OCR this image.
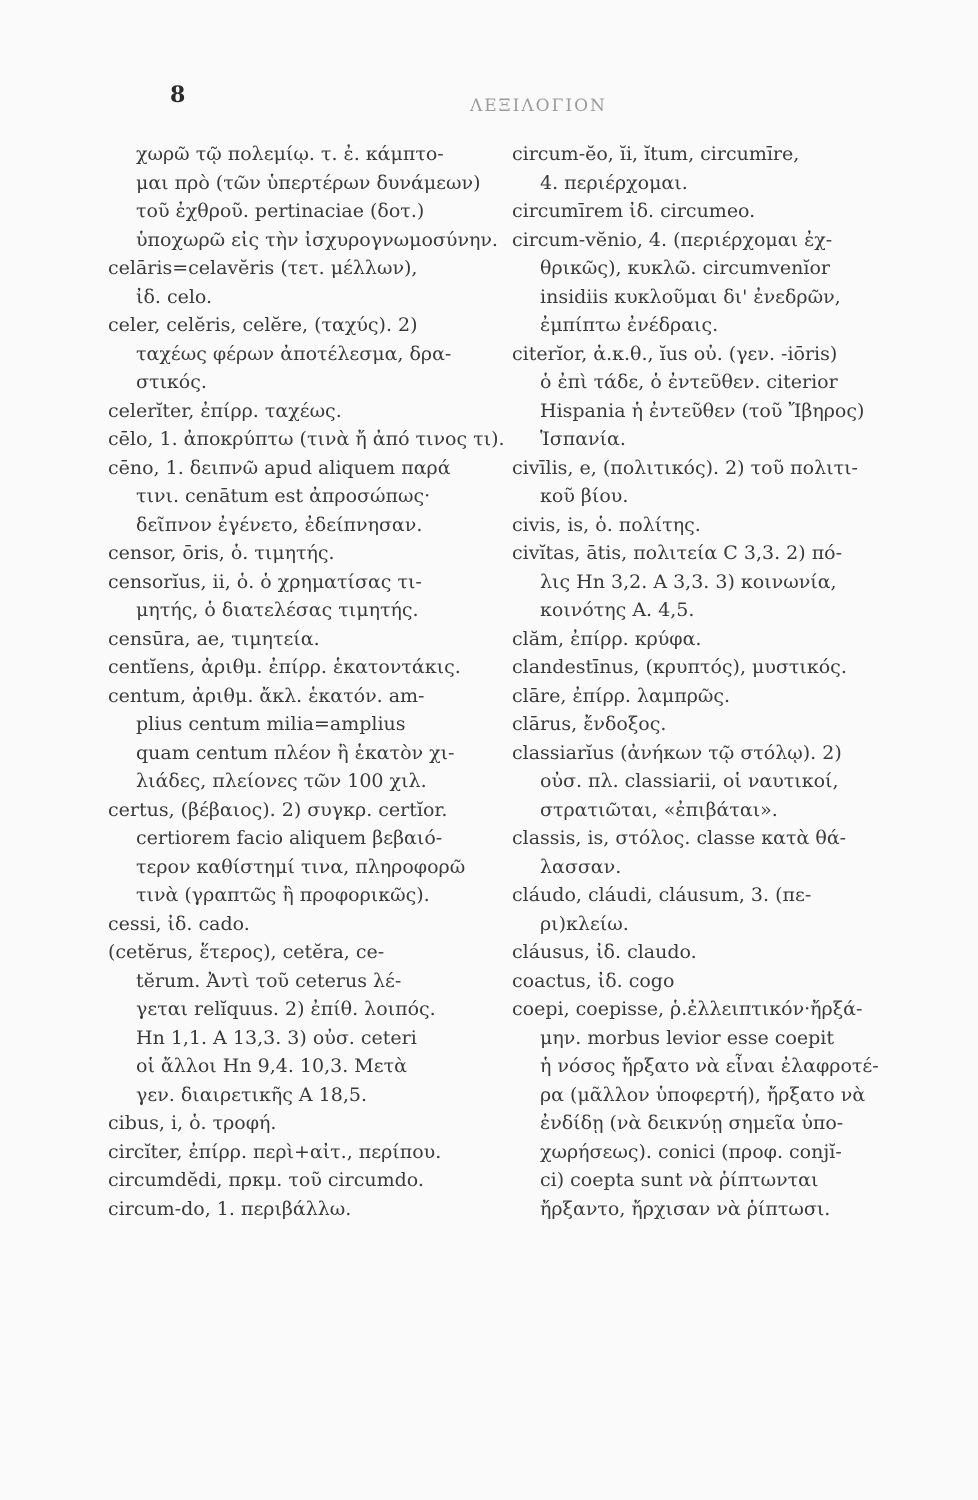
8	ΛΕΞΙΛΟΓΙΟΝ
χωρῶ τῷ πολεμίῳ. τ. ἐ. κάμπτο-
μαι πρὸ (τῶν ὑπερτέρων δυνάμεων)
τοῦ ἐχθροῦ. pertinaciae (δοτ.)
ὑποχωρῶ εἰς τὴν ἰσχυρογνωμοσύνην.
celāris=celavĕris (τετ. μέλλων),
ἰδ. celo.
celer, celĕris, celĕre, (ταχύς). 2)
ταχέως φέρων ἀποτέλεσμα, δρα-
στικός.
celerĭter, ἐπίρρ. ταχέως.
cēlo, 1. ἀποκρύπτω (τινὰ ἤ ἀπό τινος τι).
cēno, 1. δειπνῶ apud aliquem παρά
τινι. cenātum est ἀπροσώπως·
δεῖπνον ἐγένετο, ἐδείπνησαν.
censor, ōris, ὁ. τιμητής.
censorĭus, ii, ὁ. ὁ χρηματίσας τι-
μητής, ὁ διατελέσας τιμητής.
censūra, ae, τιμητεία.
centĭens, ἀριθμ. ἐπίρρ. ἑκατοντάκις.
centum, ἀριθμ. ἄκλ. ἑκατόν. am-
plius centum milia=amplius
quam centum πλέον ἢ ἑκατὸν χι-
λιάδες, πλείονες τῶν 100 χιλ.
certus, (βέβαιος). 2) συγκρ. certĭor.
certiorem facio aliquem βεβαιό-
τερον καθίστημί τινα, πληροφορῶ
τινὰ (γραπτῶς ἢ προφορικῶς).
cessi, ἰδ. cado.
(cetĕrus, ἕτερος), cetĕra, ce-
tĕrum. Ἀντὶ τοῦ ceterus λέ-
γεται relĭquus. 2) ἐπίθ. λοιπός.
Hn 1,1. A 13,3. 3) οὐσ. ceteri
οἱ ἄλλοι Hn 9,4. 10,3. Μετὰ
γεν. διαιρετικῆς A 18,5.
cibus, i, ὁ. τροφή.
circĭter, ἐπίρρ. περὶ+αἰτ., περίπου.
circumdĕdi, πρκμ. τοῦ circumdo.
circum-do, 1. περιβάλλω.
circum-ĕo, ĭi, ĭtum, circumīre,
4. περιέρχομαι.
circumīrem ἰδ. circumeo.
circum-vĕnio, 4. (περιέρχομαι ἐχ-
θρικῶς), κυκλῶ. circumvenĭor
insidiis κυκλοῦμαι δι' ἐνεδρῶν,
ἐμπίπτω ἐνέδραις.
citerĭor, ἀ.κ.θ., ĭus οὐ. (γεν. -iōris)
ὁ ἐπὶ τάδε, ὁ ἐντεῦθεν. citerior
Hispania ἡ ἐντεῦθεν (τοῦ Ἴβηρος)
Ἱσπανία.
civīlis, e, (πολιτικός). 2) τοῦ πολιτι-
κοῦ βίου.
civis, is, ὁ. πολίτης.
civĭtas, ātis, πολιτεία C 3,3. 2) πό-
λις Hn 3,2. A 3,3. 3) κοινωνία,
κοινότης A. 4,5.
clăm, ἐπίρρ. κρύφα.
clandestīnus, (κρυπτός), μυστικός.
clāre, ἐπίρρ. λαμπρῶς.
clārus, ἔνδοξος.
classiarĭus (ἀνήκων τῷ στόλῳ). 2)
οὐσ. πλ. classiarii, οἱ ναυτικοί,
στρατιῶται, «ἐπιβάται».
classis, is, στόλος. classe κατὰ θά-
λασσαν.
cláudo, cláudi, cláusum, 3. (πε-
ρι)κλείω.
cláusus, ἰδ. claudo.
coactus, ἰδ. cogo
coepi, coepisse, ῥ.ἐλλειπτικόν·ἤρξά-
μην. morbus levior esse coepit
ἡ νόσος ἤρξατο νὰ εἶναι ἐλαφροτέ-
ρα (μᾶλλον ὑποφερτή), ἤρξατο νὰ
ἐνδίδῃ (νὰ δεικνύῃ σημεῖα ὑπο-
χωρήσεως). conici (προφ. conjĭ-
ci) coepta sunt νὰ ῥίπτωνται
ἤρξαντο, ἤρχισαν νὰ ῥίπτωσι.
